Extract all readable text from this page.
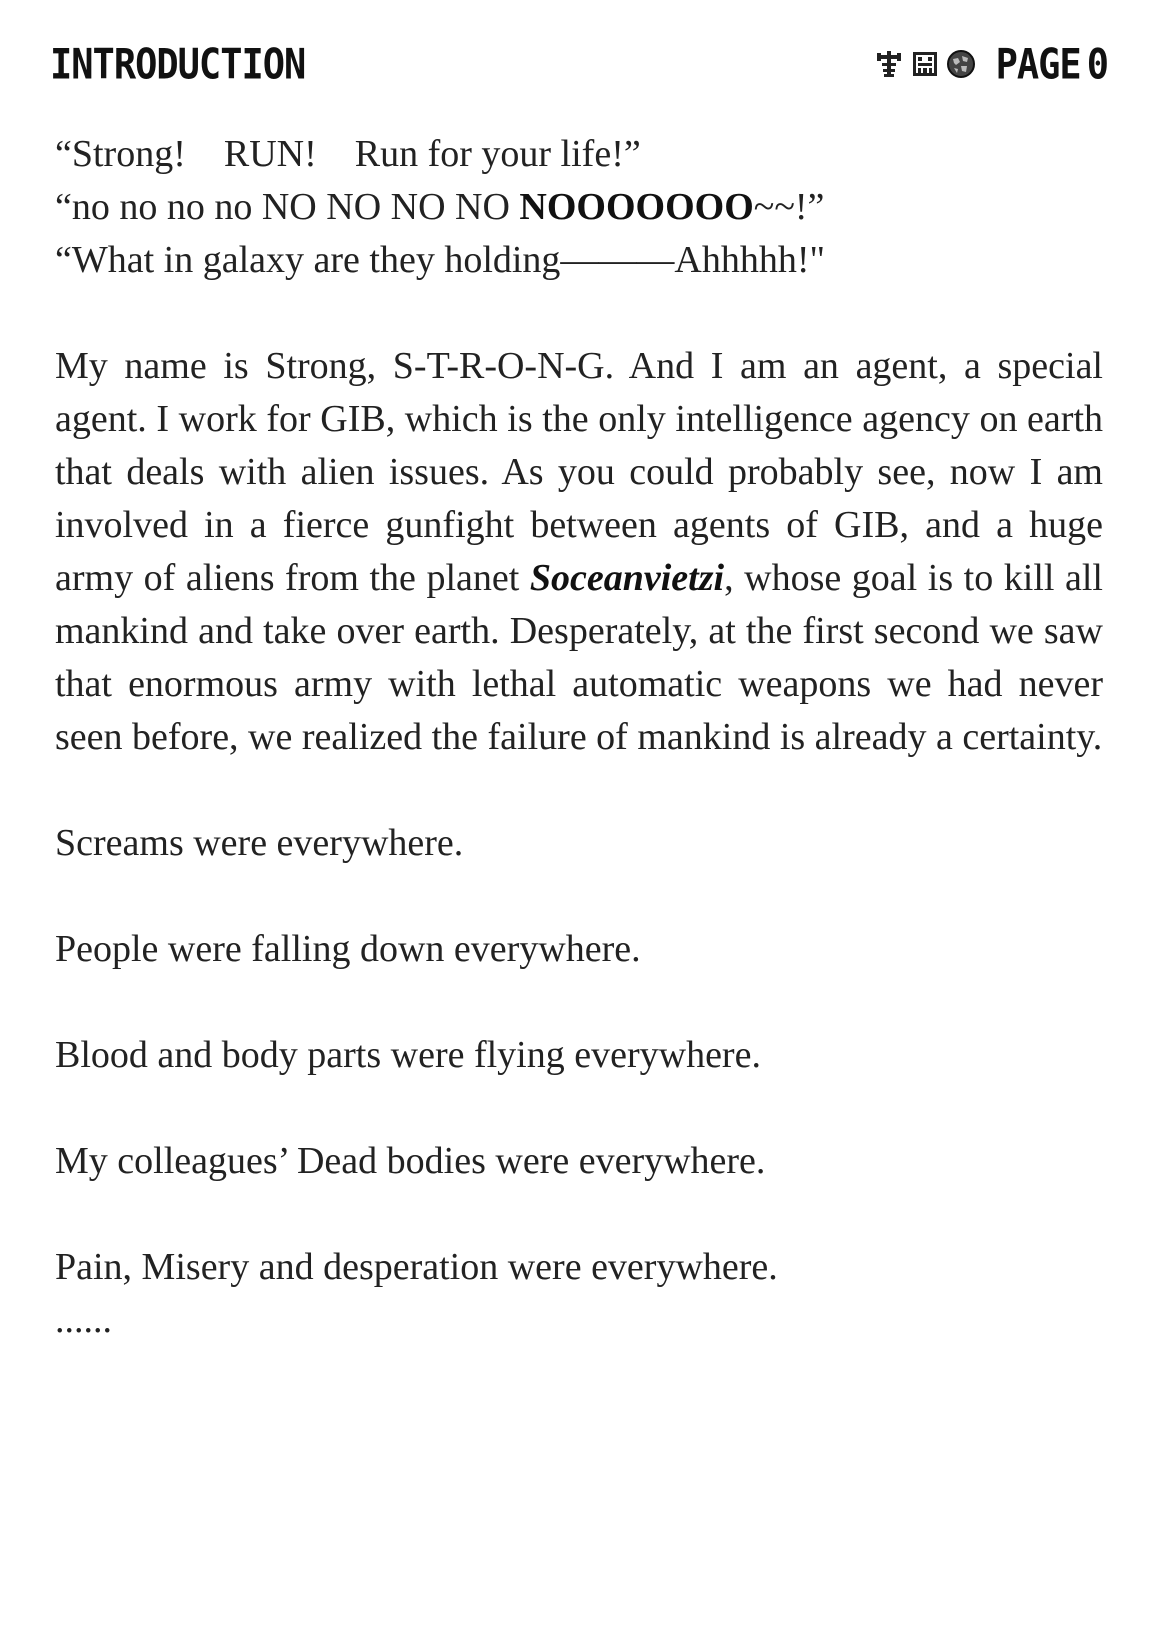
INTRODUCTION	PAGE 0

“Strong!    RUN!    Run for your life!”

“no no no no NO NO NO NO NOOOOOOO~~!”

“What in galaxy are they holding———Ahhhhh!"

My name is Strong, S-T-R-O-N-G. And I am an agent, a special agent. I work for GIB, which is the only intelligence agency on earth that deals with alien issues. As you could probably see, now I am involved in a fierce gunfight between agents of GIB, and a huge army of aliens from the planet Soceanvietzi, whose goal is to kill all mankind and take over earth. Desperately, at the first second we saw that enormous army with lethal automatic weapons we had never seen before, we realized the failure of mankind is already a certainty.

Screams were everywhere.

People were falling down everywhere.

Blood and body parts were flying everywhere.

My colleagues’ Dead bodies were everywhere.

Pain, Misery and desperation were everywhere.

......
